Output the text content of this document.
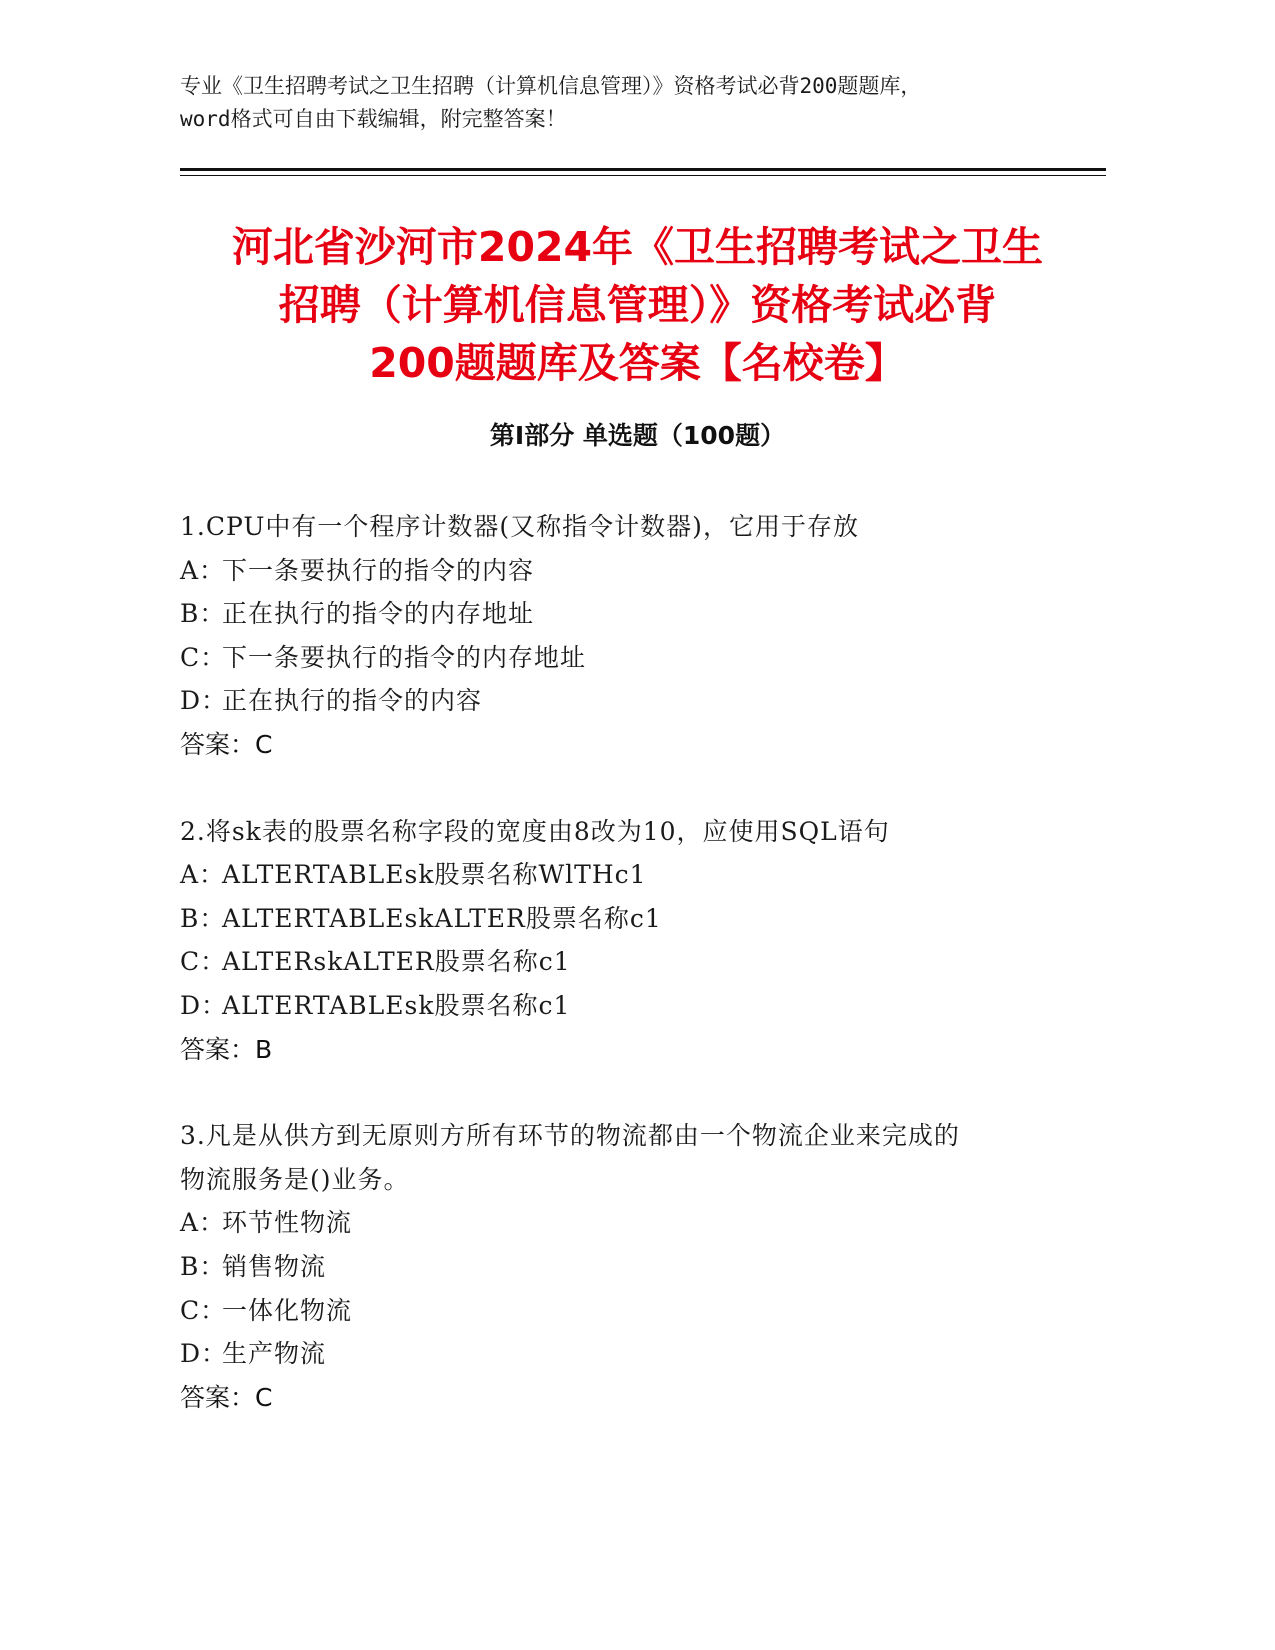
专业《卫生招聘考试之卫生招聘（计算机信息管理）》资格考试必背200题题库，
word格式可自由下载编辑，附完整答案！
河北省沙河市2024年《卫生招聘考试之卫生
招聘（计算机信息管理）》资格考试必背
200题题库及答案【名校卷】
第I部分 单选题（100题）
1.CPU中有一个程序计数器(又称指令计数器)，它用于存放
A：下一条要执行的指令的内容
B：正在执行的指令的内存地址
C：下一条要执行的指令的内存地址
D：正在执行的指令的内容
答案：C
2.将sk表的股票名称字段的宽度由8改为10，应使用SQL语句
A：ALTERTABLEsk股票名称WlTHc1
B：ALTERTABLEskALTER股票名称c1
C：ALTERskALTER股票名称c1
D：ALTERTABLEsk股票名称c1
答案：B
3.凡是从供方到无原则方所有环节的物流都由一个物流企业来完成的
物流服务是()业务。
A：环节性物流
B：销售物流
C：一体化物流
D：生产物流
答案：C
